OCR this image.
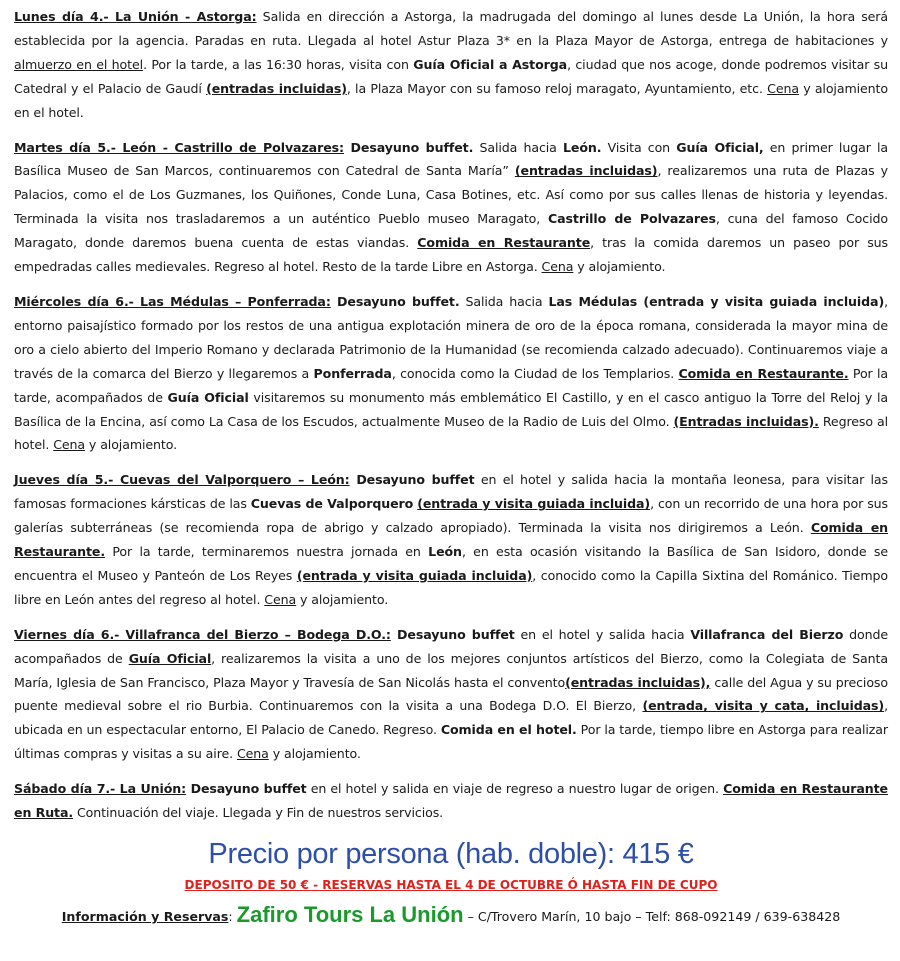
Lunes día 4.- La Unión - Astorga: Salida en dirección a Astorga, la madrugada del domingo al lunes desde La Unión, la hora será establecida por la agencia. Paradas en ruta. Llegada al hotel Astur Plaza 3* en la Plaza Mayor de Astorga, entrega de habitaciones y almuerzo en el hotel. Por la tarde, a las 16:30 horas, visita con Guía Oficial a Astorga, ciudad que nos acoge, donde podremos visitar su Catedral y el Palacio de Gaudí (entradas incluidas), la Plaza Mayor con su famoso reloj maragato, Ayuntamiento, etc. Cena y alojamiento en el hotel.

Martes día 5.- León - Castrillo de Polvazares: Desayuno buffet. Salida hacia León. Visita con Guía Oficial, en primer lugar la Basílica Museo de San Marcos, continuaremos con Catedral de Santa María” (entradas incluidas), realizaremos una ruta de Plazas y Palacios, como el de Los Guzmanes, los Quiñones, Conde Luna, Casa Botines, etc. Así como por sus calles llenas de historia y leyendas. Terminada la visita nos trasladaremos a un auténtico Pueblo museo Maragato, Castrillo de Polvazares, cuna del famoso Cocido Maragato, donde daremos buena cuenta de estas viandas. Comida en Restaurante, tras la comida daremos un paseo por sus empedradas calles medievales. Regreso al hotel. Resto de la tarde Libre en Astorga. Cena y alojamiento.

Miércoles día 6.- Las Médulas – Ponferrada: Desayuno buffet. Salida hacia Las Médulas (entrada y visita guiada incluida), entorno paisajístico formado por los restos de una antigua explotación minera de oro de la época romana, considerada la mayor mina de oro a cielo abierto del Imperio Romano y declarada Patrimonio de la Humanidad (se recomienda calzado adecuado). Continuaremos viaje a través de la comarca del Bierzo y llegaremos a Ponferrada, conocida como la Ciudad de los Templarios. Comida en Restaurante. Por la tarde, acompañados de Guía Oficial visitaremos su monumento más emblemático El Castillo, y en el casco antiguo la Torre del Reloj y la Basílica de la Encina, así como La Casa de los Escudos, actualmente Museo de la Radio de Luis del Olmo. (Entradas incluidas). Regreso al hotel. Cena y alojamiento.

Jueves día 5.- Cuevas del Valporquero – León: Desayuno buffet en el hotel y salida hacia la montaña leonesa, para visitar las famosas formaciones kársticas de las Cuevas de Valporquero (entrada y visita guiada incluida), con un recorrido de una hora por sus galerías subterráneas (se recomienda ropa de abrigo y calzado apropiado). Terminada la visita nos dirigiremos a León. Comida en Restaurante. Por la tarde, terminaremos nuestra jornada en León, en esta ocasión visitando la Basílica de San Isidoro, donde se encuentra el Museo y Panteón de Los Reyes (entrada y visita guiada incluida), conocido como la Capilla Sixtina del Románico. Tiempo libre en León antes del regreso al hotel. Cena y alojamiento.

Viernes día 6.- Villafranca del Bierzo – Bodega D.O.: Desayuno buffet en el hotel y salida hacia Villafranca del Bierzo donde acompañados de Guía Oficial, realizaremos la visita a uno de los mejores conjuntos artísticos del Bierzo, como la Colegiata de Santa María, Iglesia de San Francisco, Plaza Mayor y Travesía de San Nicolás hasta el convento(entradas incluidas), calle del Agua y su precioso puente medieval sobre el rio Burbia. Continuaremos con la visita a una Bodega D.O. El Bierzo, (entrada, visita y cata, incluidas), ubicada en un espectacular entorno, El Palacio de Canedo. Regreso. Comida en el hotel. Por la tarde, tiempo libre en Astorga para realizar últimas compras y visitas a su aire. Cena y alojamiento.

Sábado día 7.- La Unión: Desayuno buffet en el hotel y salida en viaje de regreso a nuestro lugar de origen. Comida en Restaurante en Ruta. Continuación del viaje. Llegada y Fin de nuestros servicios.

Precio por persona (hab. doble): 415 €
DEPOSITO DE 50 € - RESERVAS HASTA EL 4 DE OCTUBRE Ó HASTA FIN DE CUPO
Información y Reservas: Zafiro Tours La Unión – C/Trovero Marín, 10 bajo – Telf: 868-092149 / 639-638428
